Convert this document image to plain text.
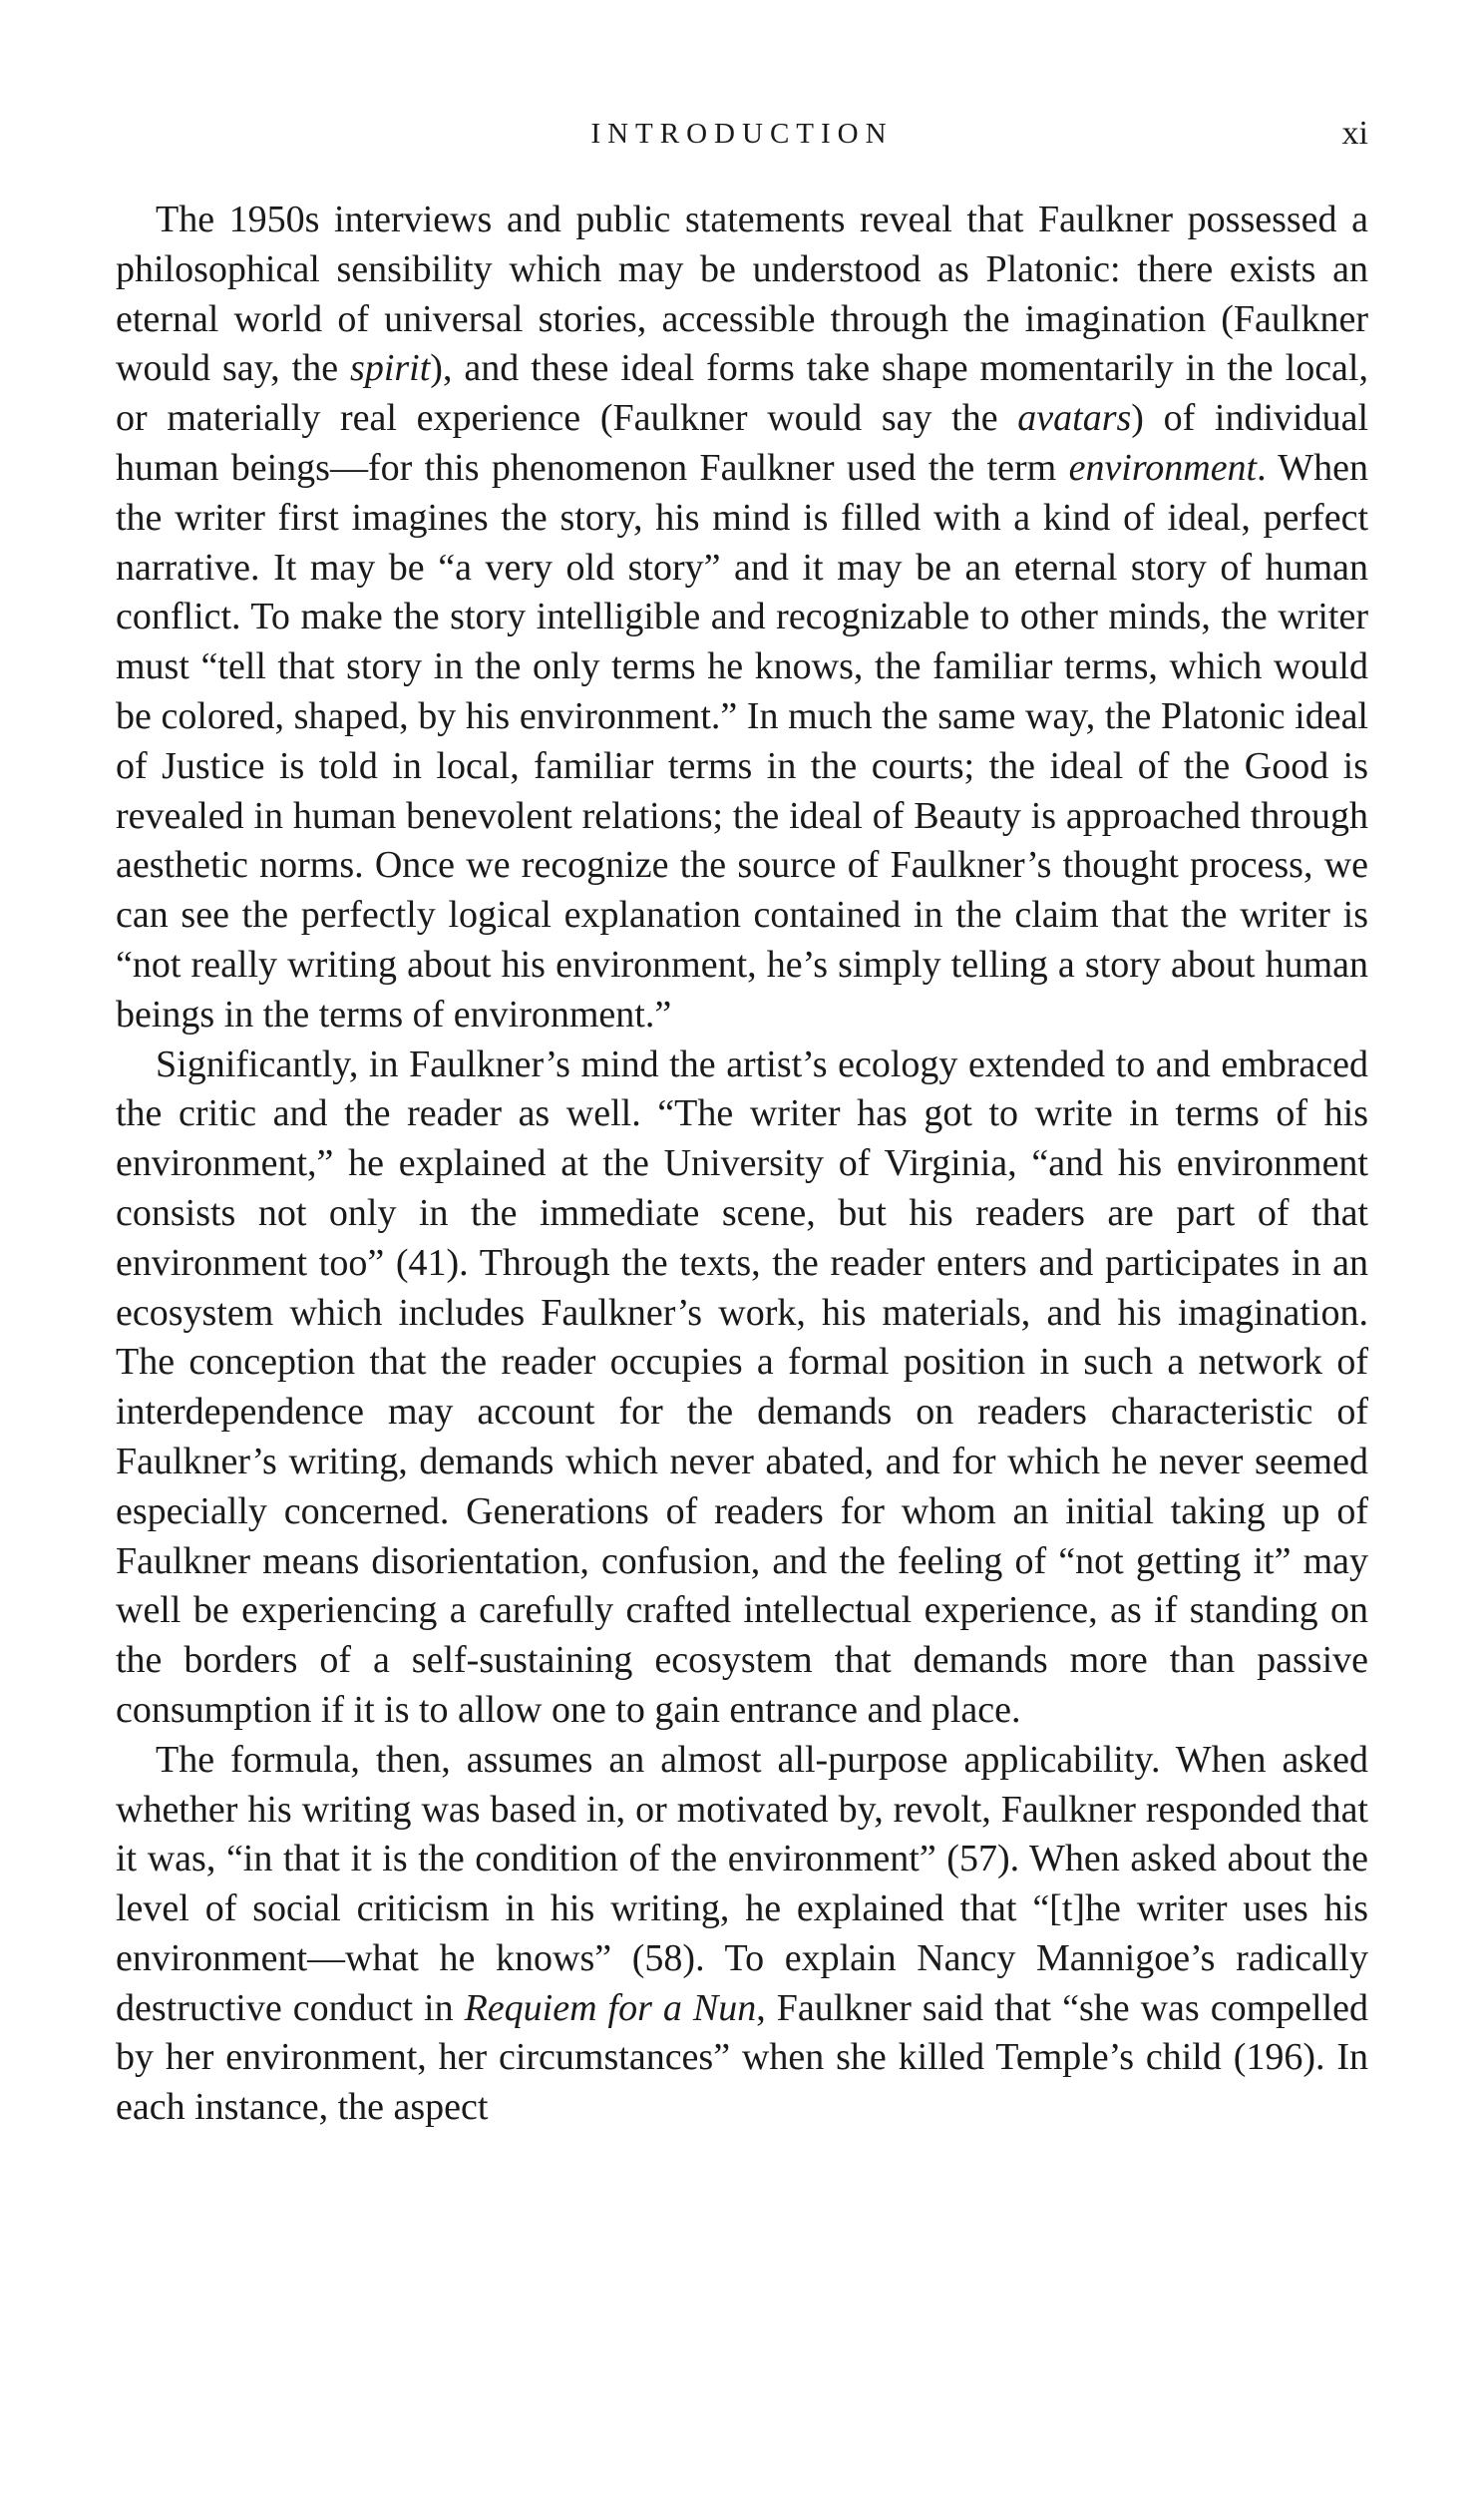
INTRODUCTION	xi

The 1950s interviews and public statements reveal that Faulkner possessed a philosophical sensibility which may be understood as Platonic: there exists an eternal world of universal stories, accessible through the imagination (Faulkner would say, the spirit), and these ideal forms take shape momentarily in the local, or materially real experience (Faulkner would say the avatars) of individual human beings—for this phenomenon Faulkner used the term environment. When the writer first imagines the story, his mind is filled with a kind of ideal, perfect narrative. It may be “a very old story” and it may be an eternal story of human conflict. To make the story intelligible and recognizable to other minds, the writer must “tell that story in the only terms he knows, the familiar terms, which would be colored, shaped, by his environment.” In much the same way, the Platonic ideal of Justice is told in local, familiar terms in the courts; the ideal of the Good is revealed in human benevolent relations; the ideal of Beauty is approached through aesthetic norms. Once we recognize the source of Faulkner’s thought process, we can see the perfectly logical explanation contained in the claim that the writer is “not really writing about his environment, he’s simply telling a story about human beings in the terms of environment.”

Significantly, in Faulkner’s mind the artist’s ecology extended to and embraced the critic and the reader as well. “The writer has got to write in terms of his environment,” he explained at the University of Virginia, “and his environment consists not only in the immediate scene, but his readers are part of that environment too” (41). Through the texts, the reader enters and participates in an ecosystem which includes Faulkner’s work, his materials, and his imagination. The conception that the reader occupies a formal position in such a network of interdependence may account for the demands on readers characteristic of Faulkner’s writing, demands which never abated, and for which he never seemed especially concerned. Generations of readers for whom an initial taking up of Faulkner means disorientation, confusion, and the feeling of “not getting it” may well be experiencing a carefully crafted intellectual experience, as if standing on the borders of a self-sustaining ecosystem that demands more than passive consumption if it is to allow one to gain entrance and place.

The formula, then, assumes an almost all-purpose applicability. When asked whether his writing was based in, or motivated by, revolt, Faulkner responded that it was, “in that it is the condition of the environment” (57). When asked about the level of social criticism in his writing, he explained that “[t]he writer uses his environment—what he knows” (58). To explain Nancy Mannigoe’s radically destructive conduct in Requiem for a Nun, Faulkner said that “she was compelled by her environment, her circumstances” when she killed Temple’s child (196). In each instance, the aspect
